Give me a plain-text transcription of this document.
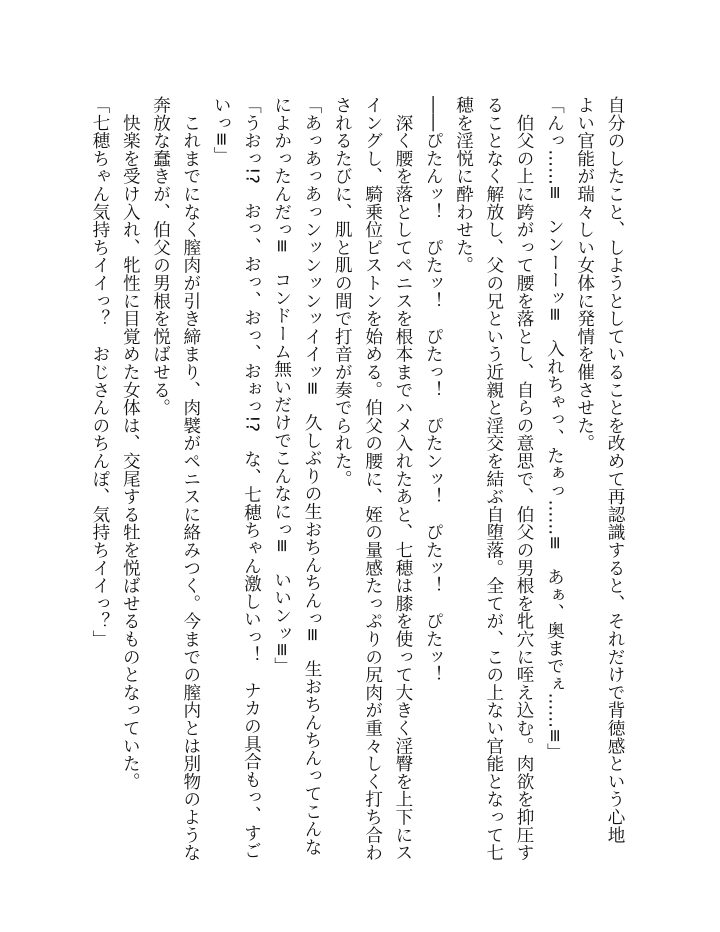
自分のしたこと、しようとしていることを改めて再認識すると、それだけで背徳感という心地
よい官能が瑞々しい女体に発情を催させた。
「んっ……≡　ンンーーッ≡　入れちゃっ、たぁっ……≡　あぁ、奥までぇ……≡」
　伯父の上に跨がって腰を落とし、自らの意思で、伯父の男根を牝穴に咥え込む。肉欲を抑圧す
ることなく解放し、父の兄という近親と淫交を結ぶ自堕落。全てが、この上ない官能となって七
穂を淫悦に酔わせた。
――ぴたんッ！　ぴたッ！　ぴたっ！　ぴたンッ！　ぴたッ！　ぴたッ！
　深く腰を落としてペニスを根本までハメ入れたあと、七穂は膝を使って大きく淫臀を上下にス
イングし、騎乗位ピストンを始める。伯父の腰に、姪の量感たっぷりの尻肉が重々しく打ち合わ
されるたびに、肌と肌の間で打音が奏でられた。
「あっあっあっンッンッンッイイッ≡　久しぶりの生おちんちんっ≡　生おちんちんってこんな
によかったんだっ≡　コンドーム無いだけでこんなにっ≡　いいンッ≡」
「うおっ!?　おっ、おっ、おっ、おぉっ!?　な、七穂ちゃん激しいっ！　ナカの具合もっ、すご
いっ≡」
　これまでになく膣肉が引き締まり、肉襞がペニスに絡みつく。今までの膣内とは別物のような
奔放な蠢きが、伯父の男根を悦ばせる。
　快楽を受け入れ、牝性に目覚めた女体は、交尾する牡を悦ばせるものとなっていた。
「七穂ちゃん気持ちイイっ？　おじさんのちんぽ、気持ちイイっ？」
